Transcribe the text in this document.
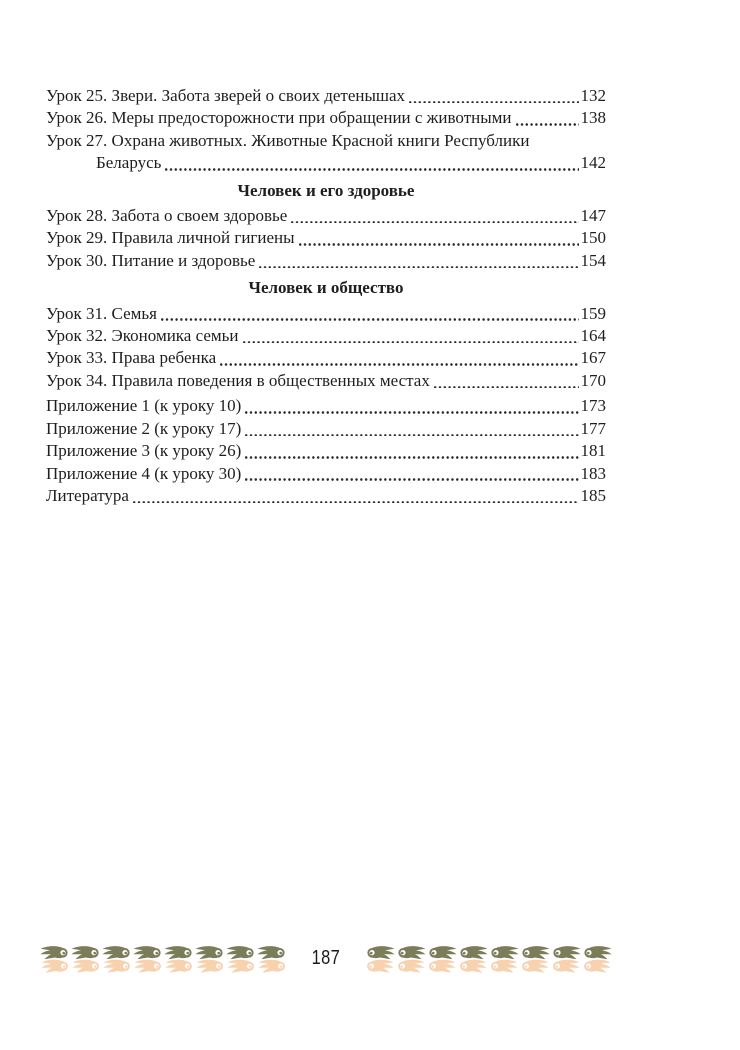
Урок 25. Звери. Забота зверей о своих детенышах	132
Урок 26. Меры предосторожности при обращении с животными	138
Урок 27. Охрана животных. Животные Красной книги Республики
Беларусь	142
Человек и его здоровье
Урок 28. Забота о своем здоровье	147
Урок 29. Правила личной гигиены	150
Урок 30. Питание и здоровье	154
Человек и общество
Урок 31. Семья	159
Урок 32. Экономика семьи	164
Урок 33. Права ребенка	167
Урок 34. Правила поведения в общественных местах	170
Приложение 1 (к уроку 10)	173
Приложение 2 (к уроку 17)	177
Приложение 3 (к уроку 26)	181
Приложение 4 (к уроку 30)	183
Литература	185
187
